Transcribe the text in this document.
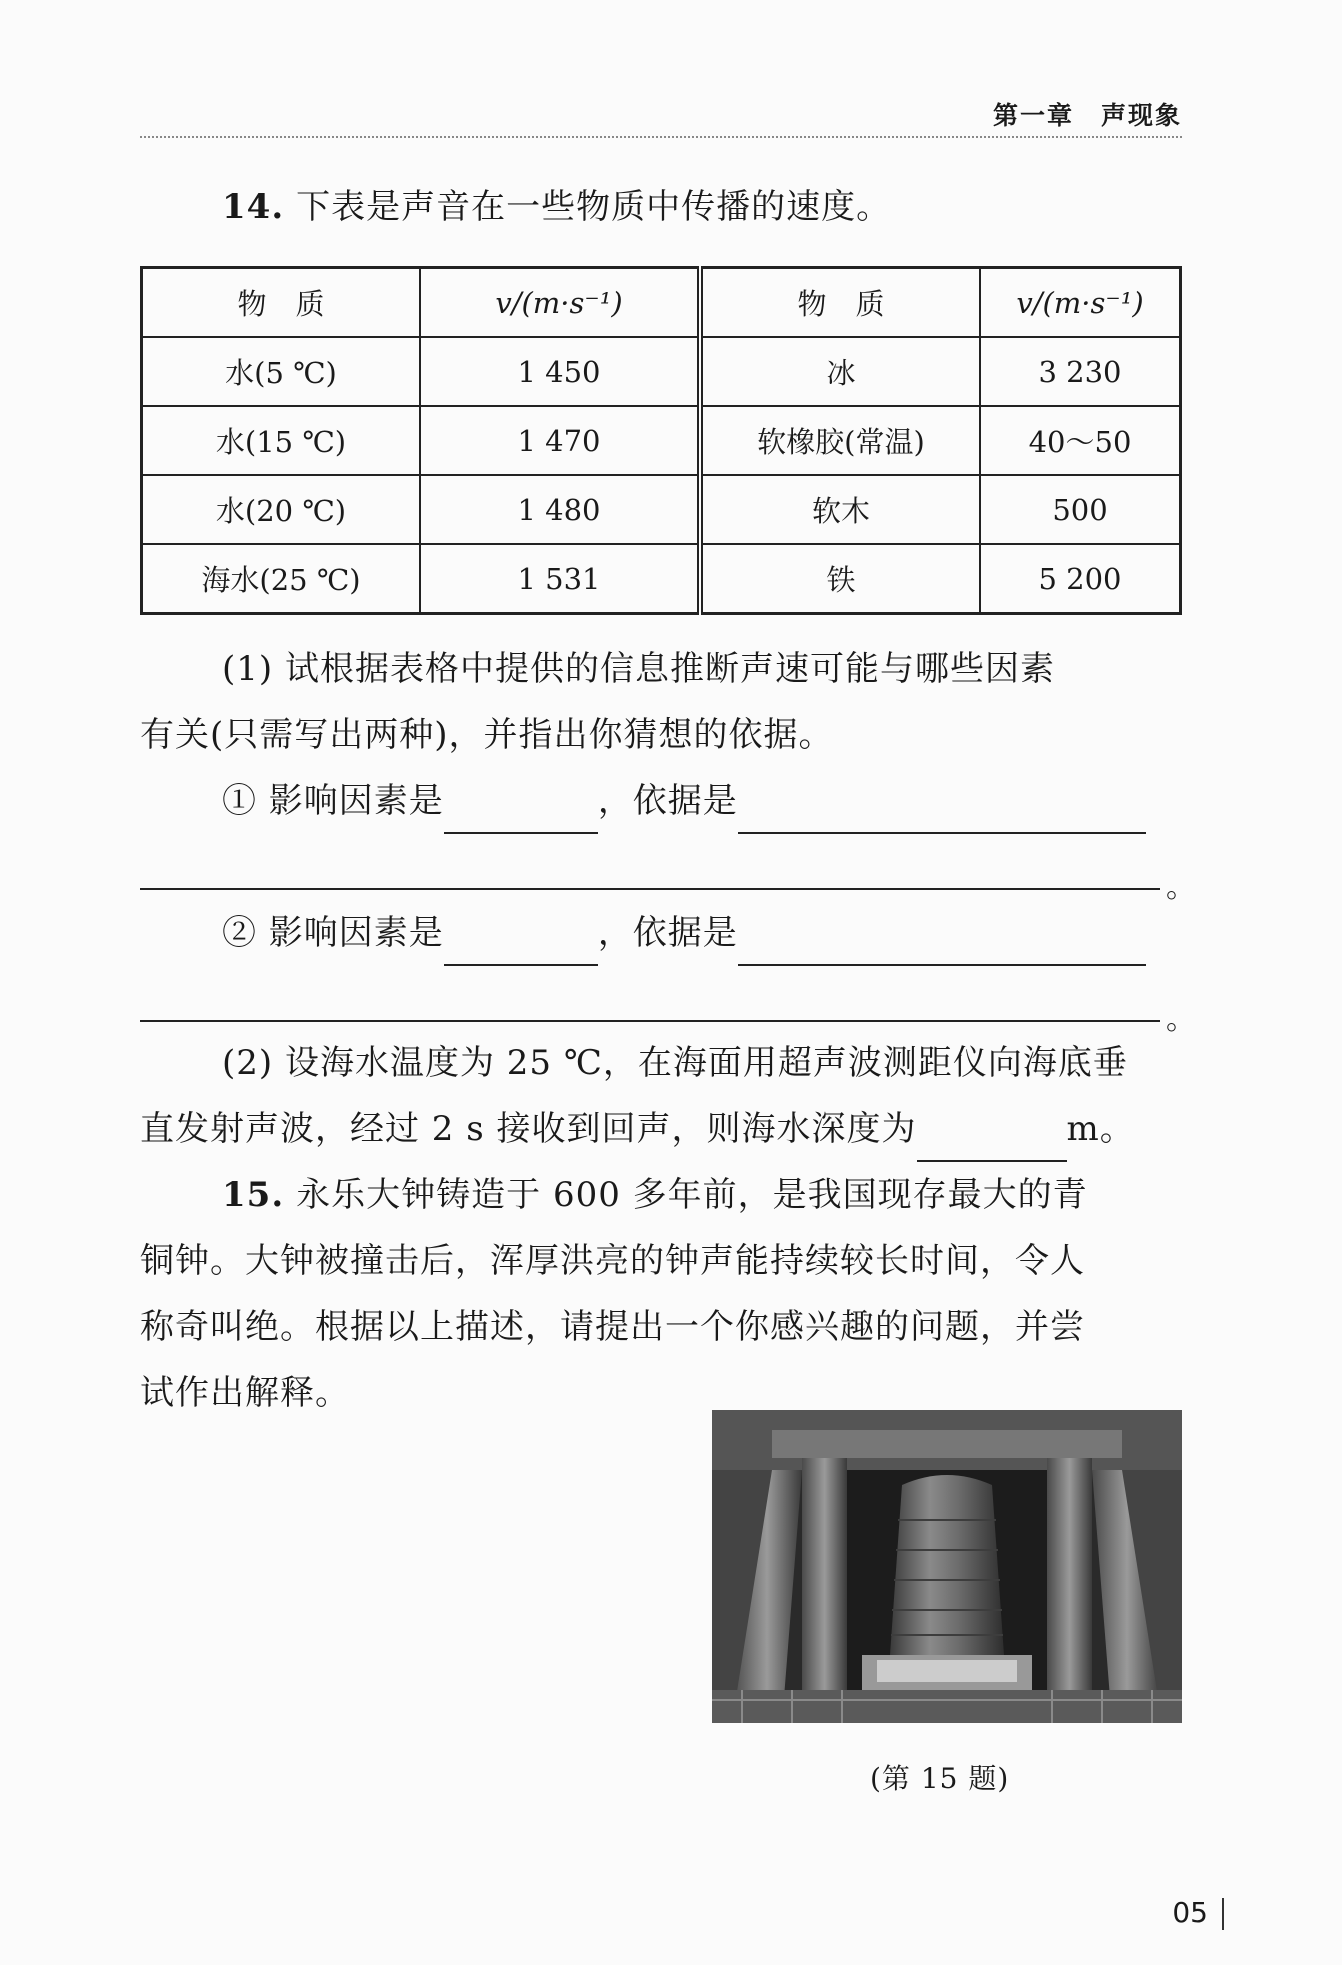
第一章　声现象
14. 下表是声音在一些物质中传播的速度。
物　质	v/(m·s⁻¹)	物　质	v/(m·s⁻¹)
水(5 ℃)	1 450	冰	3 230
水(15 ℃)	1 470	软橡胶(常温)	40～50
水(20 ℃)	1 480	软木	500
海水(25 ℃)	1 531	铁	5 200
(1) 试根据表格中提供的信息推断声速可能与哪些因素
有关(只需写出两种)，并指出你猜想的依据。
① 影响因素是	，依据是
。
② 影响因素是	，依据是
。
(2) 设海水温度为 25 ℃，在海面用超声波测距仪向海底垂
直发射声波，经过 2 s 接收到回声，则海水深度为	m。
15. 永乐大钟铸造于 600 多年前，是我国现存最大的青
铜钟。大钟被撞击后，浑厚洪亮的钟声能持续较长时间，令人
称奇叫绝。根据以上描述，请提出一个你感兴趣的问题，并尝
试作出解释。
(第 15 题)
05
